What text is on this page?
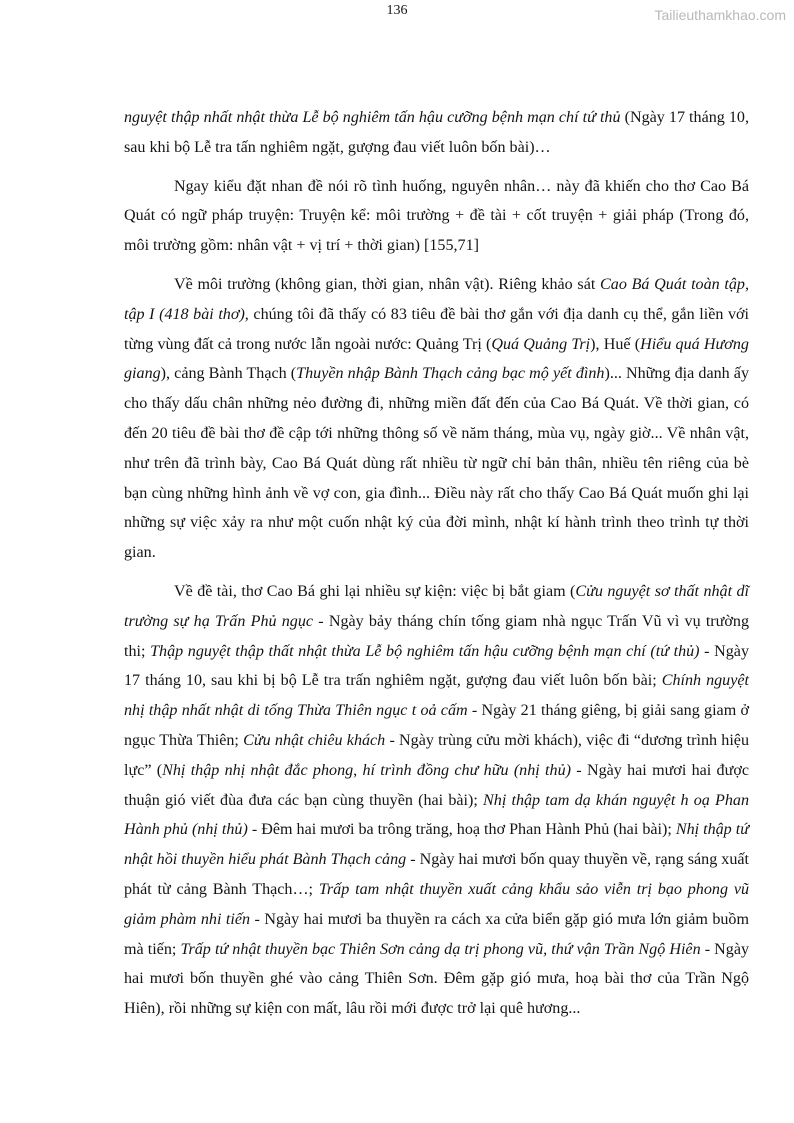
136	Tailieuthamkhao.com

nguyệt thập nhất nhật thừa Lễ bộ nghiêm tấn hậu cưỡng bệnh mạn chí tứ thủ (Ngày 17 tháng 10, sau khi bộ Lễ tra tấn nghiêm ngặt, gượng đau viết luôn bốn bài)…

Ngay kiểu đặt nhan đề nói rõ tình huống, nguyên nhân… này đã khiến cho thơ Cao Bá Quát có ngữ pháp truyện: Truyện kể: môi trường + đề tài + cốt truyện + giải pháp (Trong đó, môi trường gồm: nhân vật + vị trí + thời gian) [155,71]

Về môi trường (không gian, thời gian, nhân vật). Riêng khảo sát Cao Bá Quát toàn tập, tập I (418 bài thơ), chúng tôi đã thấy có 83 tiêu đề bài thơ gắn với địa danh cụ thể, gắn liền với từng vùng đất cả trong nước lẫn ngoài nước: Quảng Trị (Quá Quảng Trị), Huế (Hiểu quá Hương giang), cảng Bành Thạch (Thuyền nhập Bành Thạch cảng bạc mộ yết đình)... Những địa danh ấy cho thấy dấu chân những nẻo đường đi, những miền đất đến của Cao Bá Quát. Về thời gian, có đến 20 tiêu đề bài thơ đề cập tới những thông số về năm tháng, mùa vụ, ngày giờ... Về nhân vật, như trên đã trình bày, Cao Bá Quát dùng rất nhiều từ ngữ chỉ bản thân, nhiều tên riêng của bè bạn cùng những hình ảnh về vợ con, gia đình... Điều này rất cho thấy Cao Bá Quát muốn ghi lại những sự việc xảy ra như một cuốn nhật ký của đời mình, nhật kí hành trình theo trình tự thời gian.

Về đề tài, thơ Cao Bá ghi lại nhiều sự kiện: việc bị bắt giam (Cửu nguyệt sơ thất nhật dĩ trường sự hạ Trấn Phủ ngục - Ngày bảy tháng chín tống giam nhà ngục Trấn Vũ vì vụ trường thi; Thập nguyệt thập thất nhật thừa Lễ bộ nghiêm tấn hậu cưỡng bệnh mạn chí (tứ thủ) - Ngày 17 tháng 10, sau khi bị bộ Lễ tra trấn nghiêm ngặt, gượng đau viết luôn bốn bài; Chính nguyệt nhị thập nhất nhật di tống Thừa Thiên ngục t oả cấm - Ngày 21 tháng giêng, bị giải sang giam ở ngục Thừa Thiên; Cửu nhật chiêu khách - Ngày trùng cửu mời khách), việc đi “dương trình hiệu lực” (Nhị thập nhị nhật đắc phong, hí trình đồng chư hữu (nhị thủ) - Ngày hai mươi hai được thuận gió viết đùa đưa các bạn cùng thuyền (hai bài); Nhị thập tam dạ khán nguyệt h oạ Phan Hành phủ (nhị thủ) - Đêm hai mươi ba trông trăng, hoạ thơ Phan Hành Phủ (hai bài); Nhị thập tứ nhật hồi thuyền hiểu phát Bành Thạch cảng - Ngày hai mươi bốn quay thuyền về, rạng sáng xuất phát từ cảng Bành Thạch…; Trấp tam nhật thuyền xuất cảng khẩu sảo viễn trị bạo phong vũ giảm phàm nhi tiến - Ngày hai mươi ba thuyền ra cách xa cửa biển gặp gió mưa lớn giảm buồm mà tiến; Trấp tứ nhật thuyền bạc Thiên Sơn cảng dạ trị phong vũ, thứ vận Trần Ngộ Hiên - Ngày hai mươi bốn thuyền ghé vào cảng Thiên Sơn. Đêm gặp gió mưa, hoạ bài thơ của Trần Ngộ Hiên), rồi những sự kiện con mất, lâu rồi mới được trở lại quê hương...
